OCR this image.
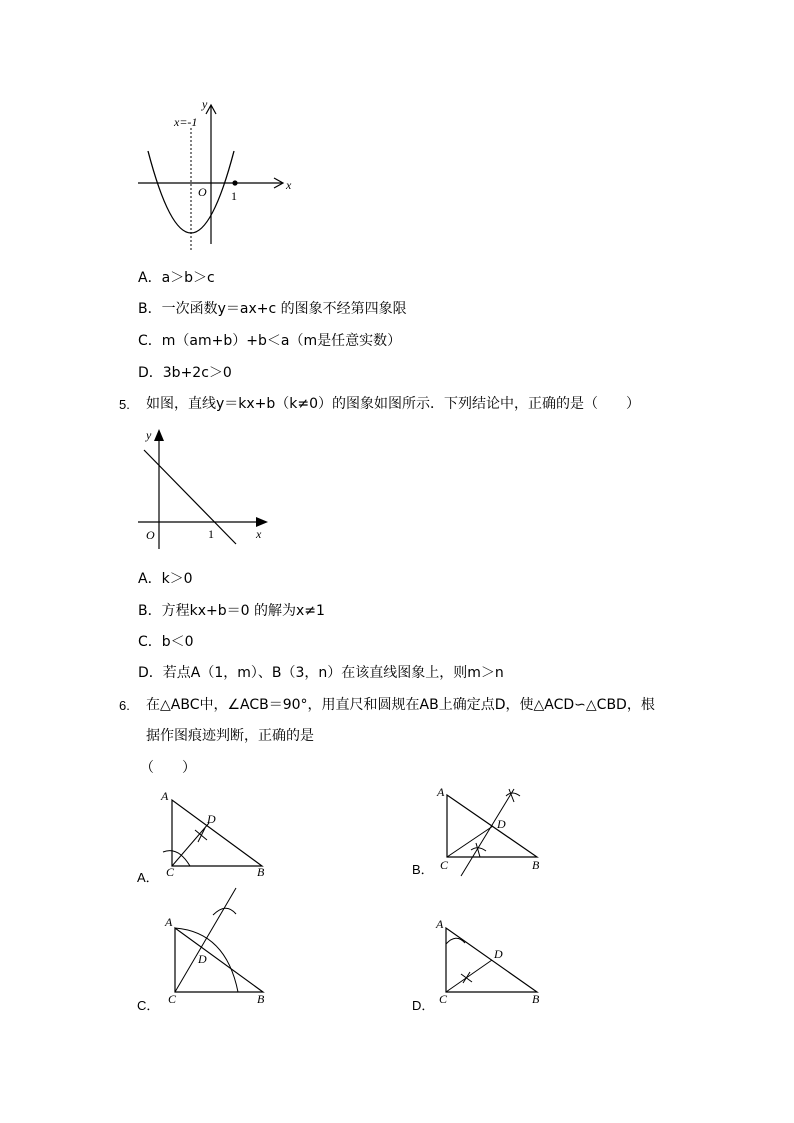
x
y
O 1
x=-1
A．a＞b＞c
B．一次函数y＝ax+c 的图象不经第四象限
C．m（am+b）+b＜a（m是任意实数）
D．3b+2c＞0
5. 如图，直线y＝kx+b（k≠0）的图象如图所示．下列结论中，正确的是（　　）
y
x
O	1
A．k＞0
B．方程kx+b＝0 的解为x≠1
C．b＜0
D．若点A（1，m）、B（3，n）在该直线图象上，则m＞n
6. 在△ABC中，∠ACB＝90°，用直尺和圆规在AB上确定点D，使△ACD∽△CBD，根
据作图痕迹判断，正确的是
（　　）
A
D
C	B
A．
A
D
C	B
B．
A
D
C	B
C．
A
D
C	B
D．
